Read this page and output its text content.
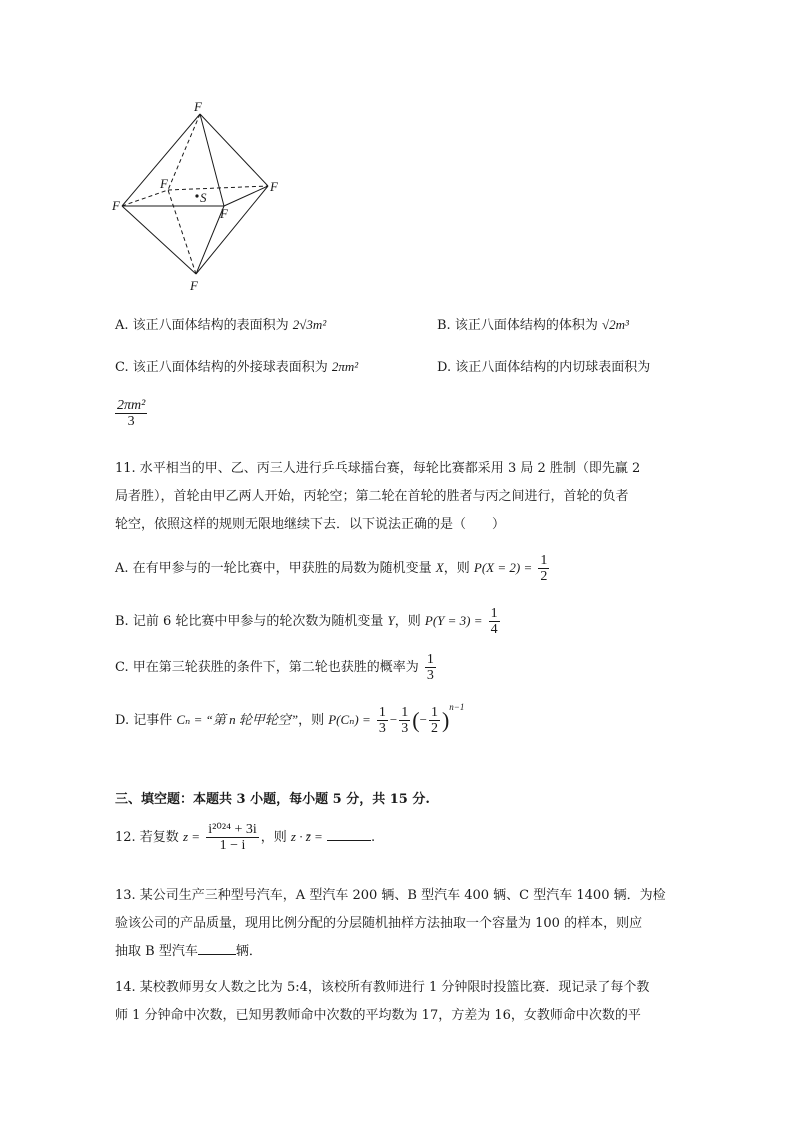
F
F
F
F
F
F
S
A. 该正八面体结构的表面积为 2√3m²	B. 该正八面体结构的体积为 √2m³
C. 该正八面体结构的外接球表面积为 2πm²	D. 该正八面体结构的内切球表面积为
$\frac{\text{2πm²}}{3}$
11. 水平相当的甲、乙、丙三人进行乒乓球擂台赛，每轮比赛都采用 3 局 2 胜制（即先赢 2
局者胜），首轮由甲乙两人开始，丙轮空；第二轮在首轮的胜者与丙之间进行，首轮的负者
轮空，依照这样的规则无限地继续下去．以下说法正确的是（　　）
A. 在有甲参与的一轮比赛中，甲获胜的局数为随机变量 X，则 $P(X = 2) = \frac{1}{2}$
B. 记前 6 轮比赛中甲参与的轮次数为随机变量 Y，则 $P(Y = 3) = \frac{1}{4}$
C. 甲在第三轮获胜的条件下，第二轮也获胜的概率为 $\frac{1}{3}$
D. 记事件 Cₙ = “第 n 轮甲轮空”，则 $P(C_n) = \frac{1}{3} - \frac{1}{3}$ (− $\frac{1}{2} )^{n-1}$
三、填空题：本题共 3 小题，每小题 5 分，共 15 分.
12. 若复数 $z = \frac{\text{i²⁰²⁴ + 3i}}{1 - i}$ ，则 z · z̄ =	.
13. 某公司生产三种型号汽车，A 型汽车 200 辆、B 型汽车 400 辆、C 型汽车 1400 辆．为检
验该公司的产品质量，现用比例分配的分层随机抽样方法抽取一个容量为 100 的样本，则应
抽取 B 型汽车	辆．
14. 某校教师男女人数之比为 5:4，该校所有教师进行 1 分钟限时投篮比赛．现记录了每个教
师 1 分钟命中次数，已知男教师命中次数的平均数为 17，方差为 16，女教师命中次数的平
